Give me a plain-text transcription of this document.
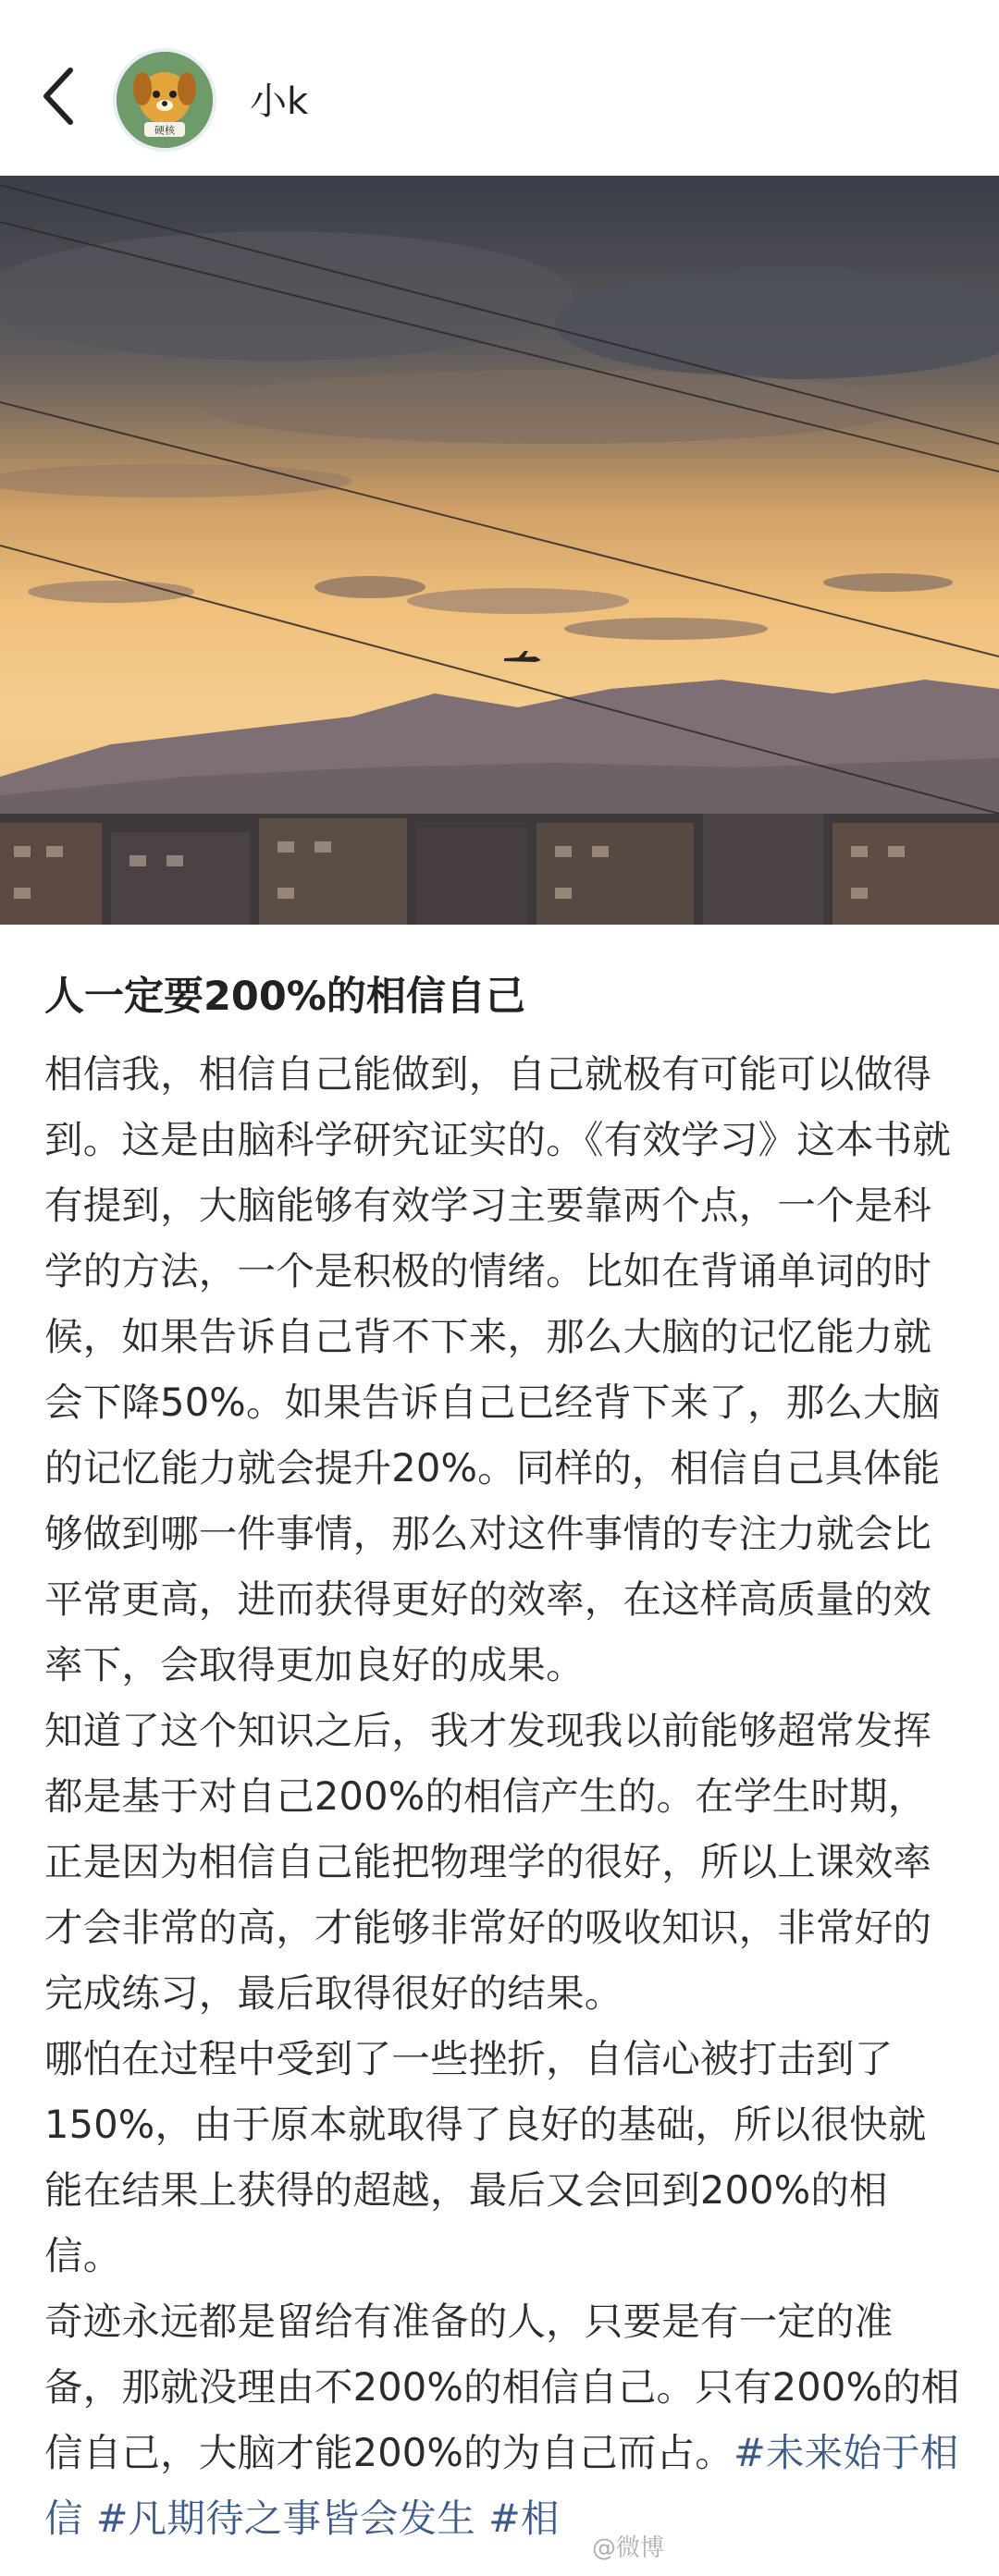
硬核
小k
人一定要200%的相信自己

相信我，相信自己能做到，自己就极有可能可以做得到。这是由脑科学研究证实的。《有效学习》这本书就有提到，大脑能够有效学习主要靠两个点，一个是科学的方法，一个是积极的情绪。比如在背诵单词的时候，如果告诉自己背不下来，那么大脑的记忆能力就会下降50%。如果告诉自己已经背下来了，那么大脑的记忆能力就会提升20%。同样的，相信自己具体能够做到哪一件事情，那么对这件事情的专注力就会比平常更高，进而获得更好的效率，在这样高质量的效率下，会取得更加良好的成果。

知道了这个知识之后，我才发现我以前能够超常发挥都是基于对自己200%的相信产生的。在学生时期，正是因为相信自己能把物理学的很好，所以上课效率才会非常的高，才能够非常好的吸收知识，非常好的完成练习，最后取得很好的结果。

哪怕在过程中受到了一些挫折，自信心被打击到了150%，由于原本就取得了良好的基础，所以很快就能在结果上获得的超越，最后又会回到200%的相信。

奇迹永远都是留给有准备的人，只要是有一定的准备，那就没理由不200%的相信自己。只有200%的相信自己，大脑才能200%的为自己而占。#未来始于相信 #凡期待之事皆会发生 #相

@微博
